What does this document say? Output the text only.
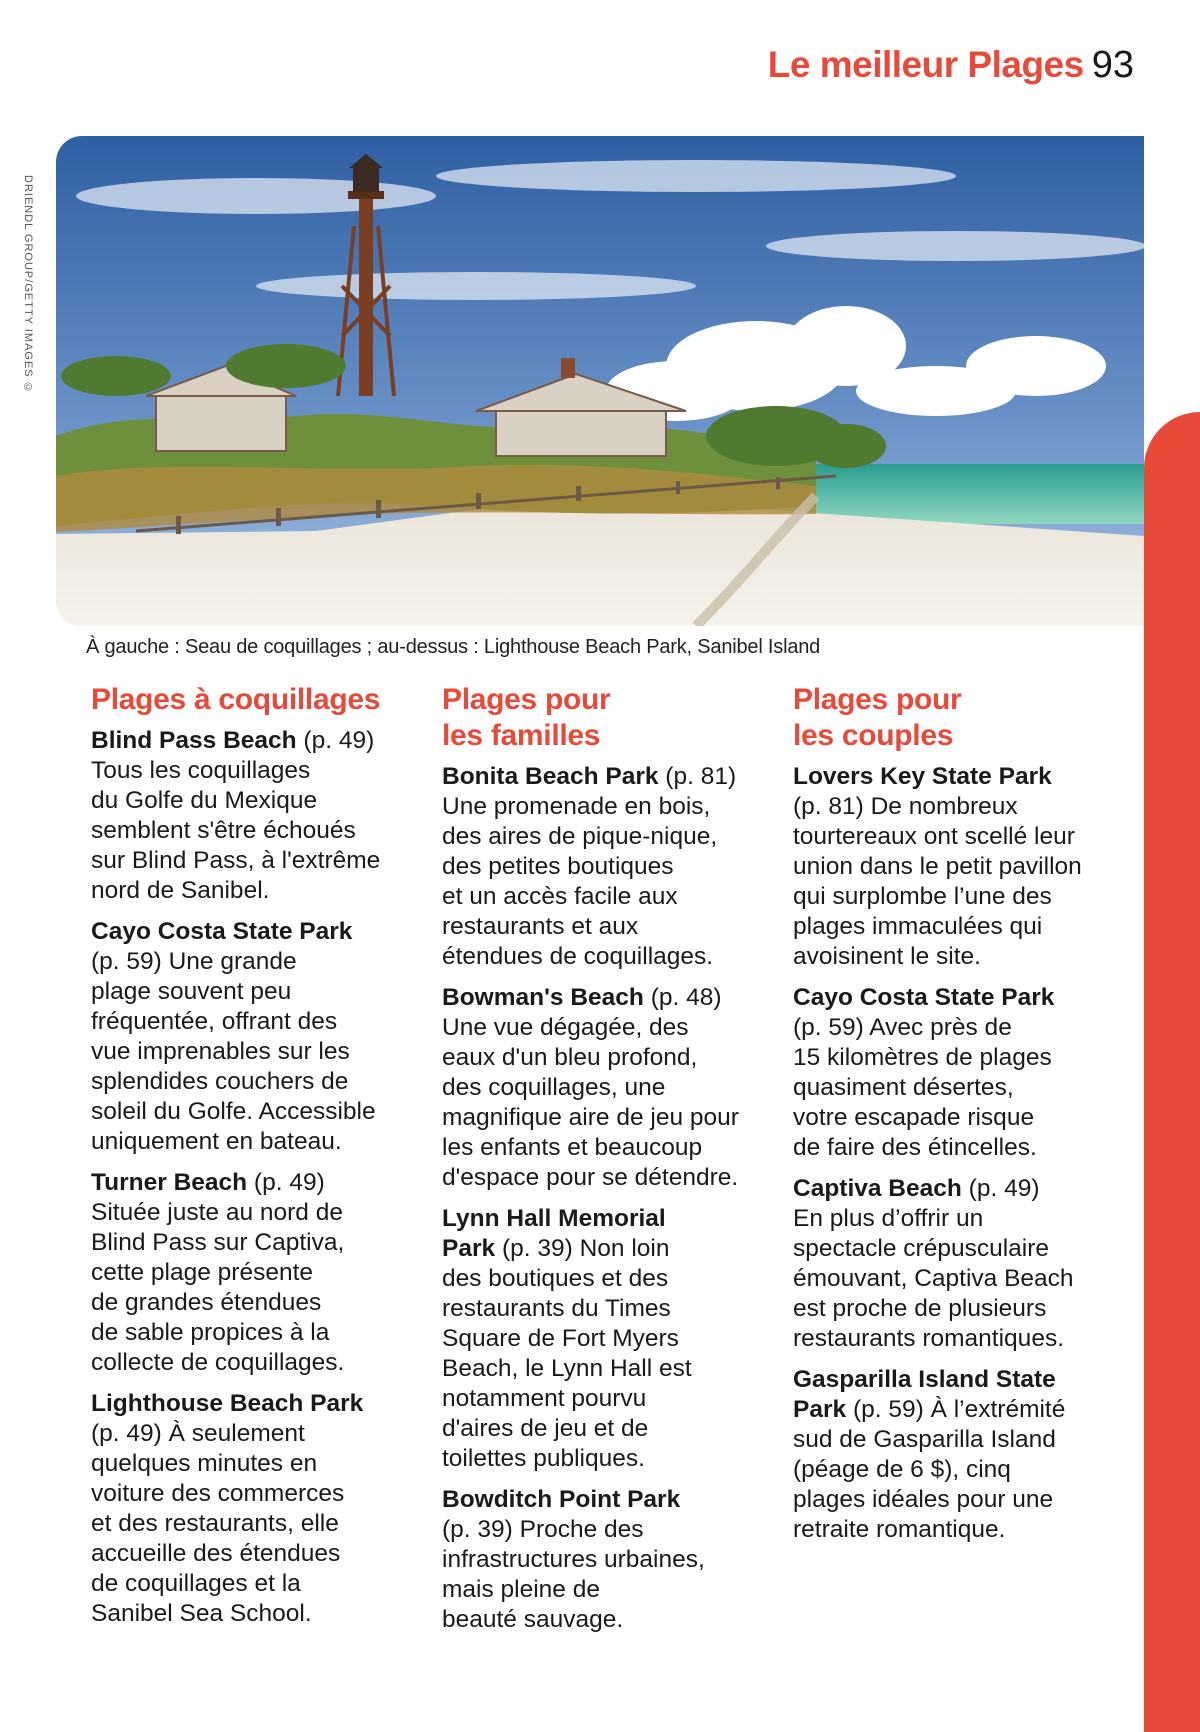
Le meilleur Plages 93
DRIENDL GROUP/GETTY IMAGES ©
À gauche : Seau de coquillages ; au-dessus : Lighthouse Beach Park, Sanibel Island
Plages à coquillages
Blind Pass Beach (p. 49)
Tous les coquillages
du Golfe du Mexique
semblent s'être échoués
sur Blind Pass, à l'extrême
nord de Sanibel.
Cayo Costa State Park
(p. 59) Une grande
plage souvent peu
fréquentée, offrant des
vue imprenables sur les
splendides couchers de
soleil du Golfe. Accessible
uniquement en bateau.
Turner Beach (p. 49)
Située juste au nord de
Blind Pass sur Captiva,
cette plage présente
de grandes étendues
de sable propices à la
collecte de coquillages.
Lighthouse Beach Park
(p. 49) À seulement
quelques minutes en
voiture des commerces
et des restaurants, elle
accueille des étendues
de coquillages et la
Sanibel Sea School.
Plages pour
les familles
Bonita Beach Park (p. 81)
Une promenade en bois,
des aires de pique-nique,
des petites boutiques
et un accès facile aux
restaurants et aux
étendues de coquillages.
Bowman's Beach (p. 48)
Une vue dégagée, des
eaux d'un bleu profond,
des coquillages, une
magnifique aire de jeu pour
les enfants et beaucoup
d'espace pour se détendre.
Lynn Hall Memorial
Park (p. 39) Non loin
des boutiques et des
restaurants du Times
Square de Fort Myers
Beach, le Lynn Hall est
notamment pourvu
d'aires de jeu et de
toilettes publiques.
Bowditch Point Park
(p. 39) Proche des
infrastructures urbaines,
mais pleine de
beauté sauvage.
Plages pour
les couples
Lovers Key State Park
(p. 81) De nombreux
tourtereaux ont scellé leur
union dans le petit pavillon
qui surplombe l’une des
plages immaculées qui
avoisinent le site.
Cayo Costa State Park
(p. 59) Avec près de
15 kilomètres de plages
quasiment désertes,
votre escapade risque
de faire des étincelles.
Captiva Beach (p. 49)
En plus d’offrir un
spectacle crépusculaire
émouvant, Captiva Beach
est proche de plusieurs
restaurants romantiques.
Gasparilla Island State
Park (p. 59) À l’extrémité
sud de Gasparilla Island
(péage de 6 $), cinq
plages idéales pour une
retraite romantique.
